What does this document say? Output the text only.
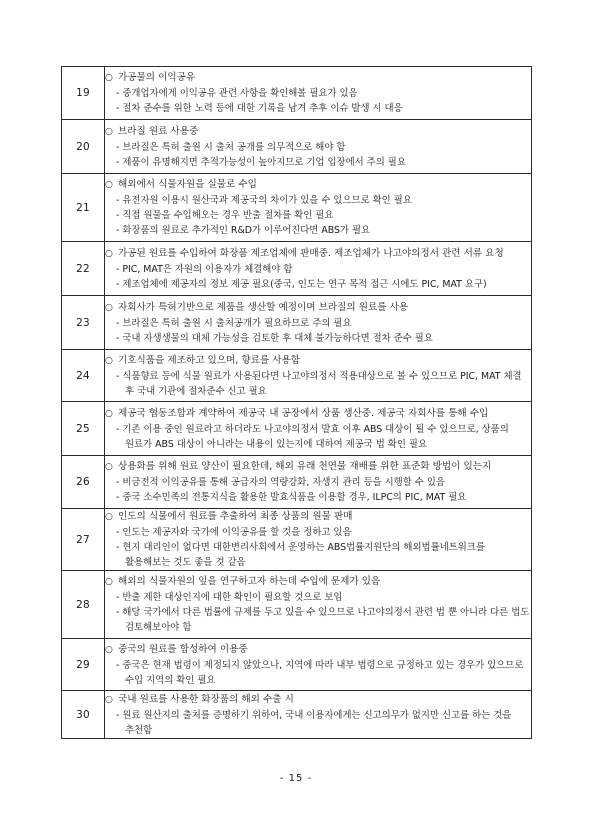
19	○ 가공물의 이익공유
- 중개업자에게 이익공유 관련 사항을 확인해볼 필요가 있음
- 절차 준수를 위한 노력 등에 대한 기록을 남겨 추후 이슈 발생 시 대응

20	○ 브라질 원료 사용중
- 브라질은 특허 출원 시 출처 공개를 의무적으로 해야 함
- 제품이 유명해지면 추적가능성이 높아지므로 기업 입장에서 주의 필요

21	○ 해외에서 식물자원을 실물로 수입
- 유전자원 이용시 원산국과 제공국의 차이가 있을 수 있으므로 확인 필요
- 직접 원물을 수입해오는 경우 반출 절차를 확인 필요
- 화장품의 원료로 추가적인 R&D가 이루어진다면 ABS가 필요

22	○ 가공된 원료를 수입하여 화장품 제조업체에 판매중. 제조업체가 나고야의정서 관련 서류 요청
- PIC, MAT은 자원의 이용자가 체결해야 함
- 제조업체에 제공자의 정보 제공 필요(중국, 인도는 연구 목적 접근 시에도 PIC, MAT 요구)

23	○ 자회사가 특허기반으로 제품을 생산할 예정이며 브라질의 원료를 사용
- 브라질은 특허 출원 시 출처공개가 필요하므로 주의 필요
- 국내 자생생물의 대체 가능성을 검토한 후 대체 불가능하다면 절차 준수 필요

24	○ 기호식품을 제조하고 있으며, 향료를 사용함
- 식품향료 등에 식물 원료가 사용된다면 나고야의정서 적용대상으로 볼 수 있으므로 PIC, MAT 체결 후 국내 기관에 절차준수 신고 필요

25	○ 제공국 협동조합과 계약하여 제공국 내 공장에서 상품 생산중. 제공국 자회사를 통해 수입
- 기존 이용 중인 원료라고 하더라도 나고야의정서 발효 이후 ABS 대상이 될 수 있으므로, 상품의 원료가 ABS 대상이 아니라는 내용이 있는지에 대하여 제공국 법 확인 필요

26	○ 상용화를 위해 원료 양산이 필요한데, 해외 유래 천연물 재배를 위한 표준화 방법이 있는지
- 비금전적 이익공유를 통해 공급자의 역량강화, 자생지 관리 등을 시행할 수 있음
- 중국 소수민족의 전통지식을 활용한 발효식품을 이용할 경우, ILPC의 PIC, MAT 필요

27	○ 인도의 식물에서 원료를 추출하여 최종 상품의 원물 판매
- 인도는 제공자와 국가에 이익공유를 할 것을 정하고 있음
- 현지 대리인이 없다면 대한변리사회에서 운영하는 ABS법률지원단의 해외법률네트워크를 활용해보는 것도 좋을 것 같음

28	○ 해외의 식물자원의 잎을 연구하고자 하는데 수입에 문제가 있음
- 반출 제한 대상인지에 대한 확인이 필요할 것으로 보임
- 해당 국가에서 다른 법률에 규제를 두고 있을 수 있으므로 나고야의정서 관련 법 뿐 아니라 다른 법도 검토해보아야 함

29	○ 중국의 원료를 합성하여 이용중
- 중국은 현재 법령이 제정되지 않았으나, 지역에 따라 내부 법령으로 규정하고 있는 경우가 있으므로 수입 지역의 확인 필요

30	○ 국내 원료를 사용한 화장품의 해외 수출 시
- 원료 원산지의 출처를 증명하기 위하여, 국내 이용자에게는 신고의무가 없지만 신고를 하는 것을 추천함
- 15 -
